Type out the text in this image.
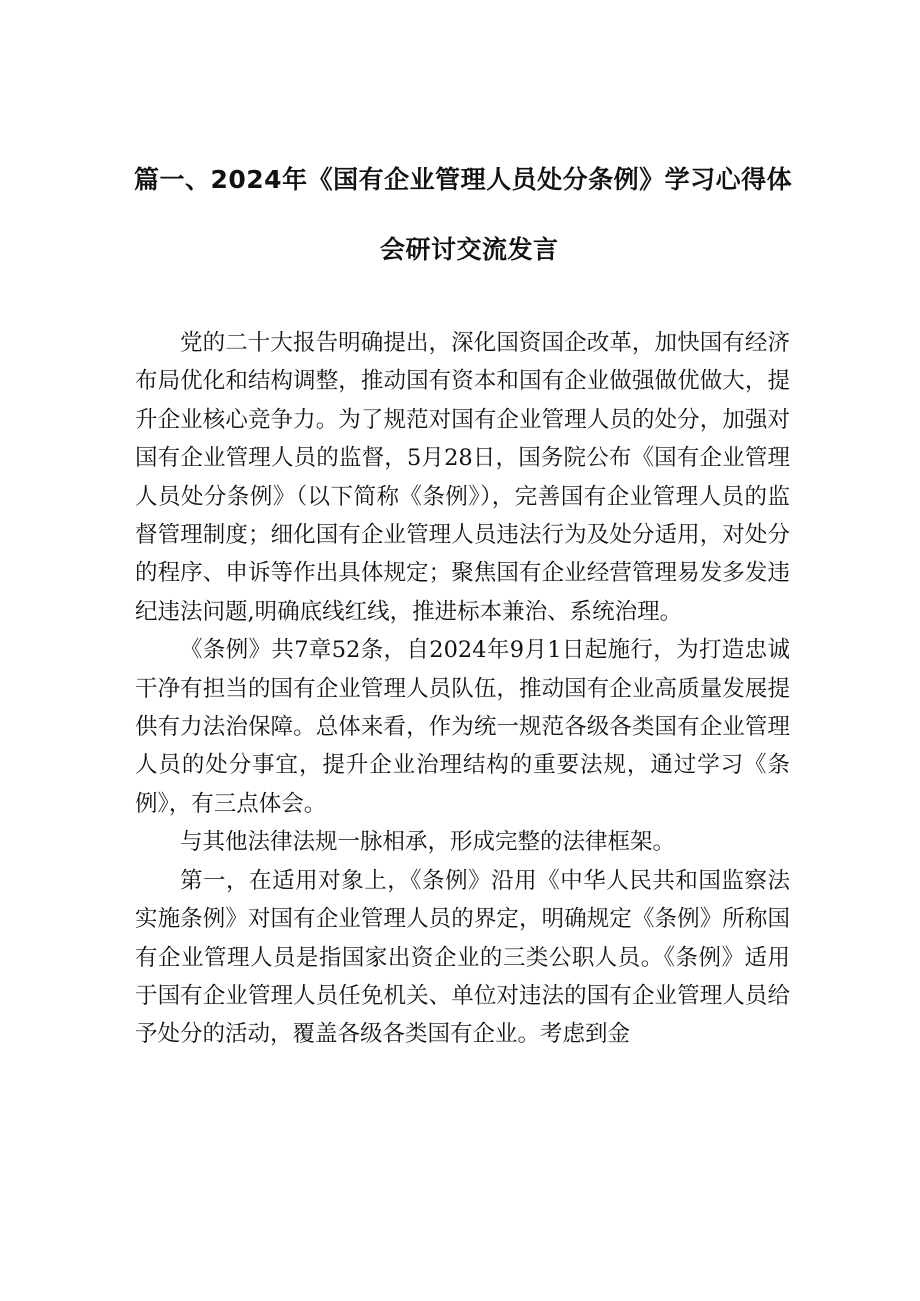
篇一、2024年《国有企业管理人员处分条例》学习心得体
会研讨交流发言

党的二十大报告明确提出，深化国资国企改革，加快国有经济布局优化和结构调整，推动国有资本和国有企业做强做优做大，提升企业核心竞争力。为了规范对国有企业管理人员的处分，加强对国有企业管理人员的监督，5月28日，国务院公布《国有企业管理人员处分条例》（以下简称《条例》），完善国有企业管理人员的监督管理制度；细化国有企业管理人员违法行为及处分适用，对处分的程序、申诉等作出具体规定；聚焦国有企业经营管理易发多发违纪违法问题,明确底线红线，推进标本兼治、系统治理。

《条例》共7章52条，自2024年9月1日起施行，为打造忠诚干净有担当的国有企业管理人员队伍，推动国有企业高质量发展提供有力法治保障。总体来看，作为统一规范各级各类国有企业管理人员的处分事宜，提升企业治理结构的重要法规，通过学习《条例》，有三点体会。

与其他法律法规一脉相承，形成完整的法律框架。

第一，在适用对象上，《条例》沿用《中华人民共和国监察法实施条例》对国有企业管理人员的界定，明确规定《条例》所称国有企业管理人员是指国家出资企业的三类公职人员。《条例》适用于国有企业管理人员任免机关、单位对违法的国有企业管理人员给予处分的活动，覆盖各级各类国有企业。考虑到金
